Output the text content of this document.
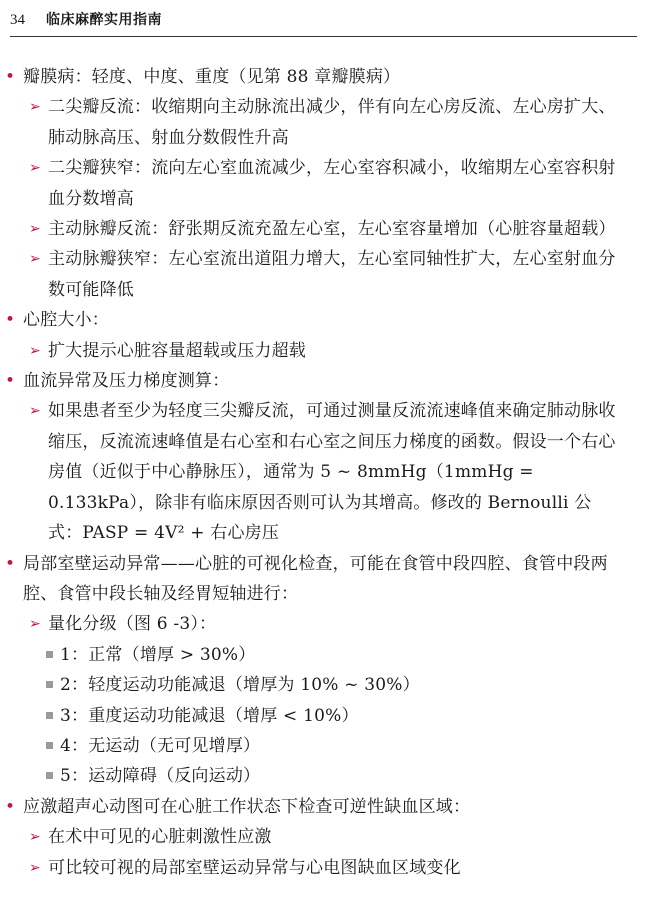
34	临床麻醉实用指南

• 瓣膜病：轻度、中度、重度（见第 88 章瓣膜病）

➢ 二尖瓣反流：收缩期向主动脉流出减少，伴有向左心房反流、左心房扩大、肺动脉高压、射血分数假性升高

➢ 二尖瓣狭窄：流向左心室血流减少，左心室容积减小，收缩期左心室容积射血分数增高

➢ 主动脉瓣反流：舒张期反流充盈左心室，左心室容量增加（心脏容量超载）

➢ 主动脉瓣狭窄：左心室流出道阻力增大，左心室同轴性扩大，左心室射血分数可能降低

• 心腔大小：

➢ 扩大提示心脏容量超载或压力超载

• 血流异常及压力梯度测算：

➢ 如果患者至少为轻度三尖瓣反流，可通过测量反流流速峰值来确定肺动脉收缩压，反流流速峰值是右心室和右心室之间压力梯度的函数。假设一个右心房值（近似于中心静脉压），通常为 5 ~ 8mmHg（1mmHg = 0.133kPa），除非有临床原因否则可认为其增高。修改的 Bernoulli 公式：PASP = 4V² + 右心房压

• 局部室壁运动异常——心脏的可视化检查，可能在食管中段四腔、食管中段两腔、食管中段长轴及经胃短轴进行：

➢ 量化分级（图 6 -3）：

1：正常（增厚 > 30%）

2：轻度运动功能减退（增厚为 10% ~ 30%）

3：重度运动功能减退（增厚 < 10%）

4：无运动（无可见增厚）

5：运动障碍（反向运动）

• 应激超声心动图可在心脏工作状态下检查可逆性缺血区域：

➢ 在术中可见的心脏刺激性应激

➢ 可比较可视的局部室壁运动异常与心电图缺血区域变化
